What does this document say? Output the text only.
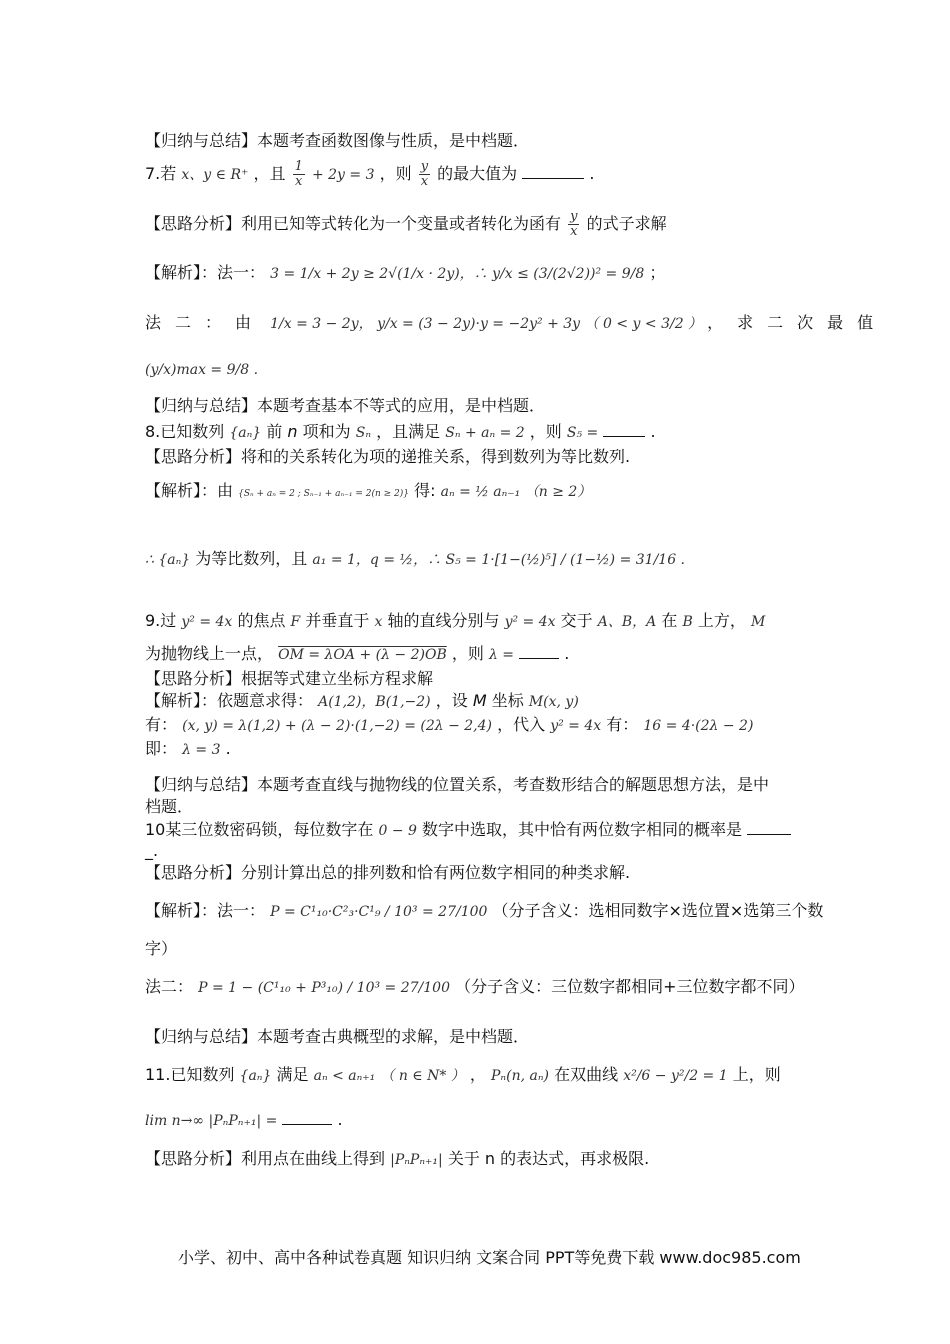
【归纳与总结】本题考查函数图像与性质，是中档题．
7.若 x、y ∈ R⁺ ，且 $\frac{1}{x} + 2y = 3$ ，则 $\frac{y}{x}$ 的最大值为	.
【思路分析】利用已知等式转化为一个变量或者转化为函有 $\frac{y}{x}$ 的式子求解
【解析】：法一： 3 = 1/x + 2y ≥ 2√(1/x · 2y)，∴ y/x ≤ (3/(2√2))² = 9/8 ；
法二：由 1/x = 3 − 2y， y/x = (3 − 2y)·y = −2y² + 3y （ 0 < y < 3/2 ） ，求二次最值
(y/x)max = 9/8 .
【归纳与总结】本题考查基本不等式的应用，是中档题．
8.已知数列 {aₙ} 前 n 项和为 Sₙ ，且满足 Sₙ + aₙ = 2 ，则 S₅ =	.
【思路分析】将和的关系转化为项的递推关系，得到数列为等比数列.
【解析】：由 {Sₙ + aₙ = 2 ; Sₙ₋₁ + aₙ₋₁ = 2(n ≥ 2)} 得: aₙ = ½ aₙ₋₁ （n ≥ 2）
∴ {aₙ} 为等比数列，且 a₁ = 1，q = ½，∴ S₅ = 1·[1−(½)⁵] / (1−½) = 31/16 .
9.过 y² = 4x 的焦点 F 并垂直于 x 轴的直线分别与 y² = 4x 交于 A、B，A 在 B 上方， M
为抛物线上一点， OM = λOA + (λ − 2)OB ，则 λ =	.
【思路分析】根据等式建立坐标方程求解
【解析】：依题意求得： A(1,2)，B(1,−2) ，设 M 坐标 M(x, y)
有： (x, y) = λ(1,2) + (λ − 2)·(1,−2) = (2λ − 2,4) ，代入 y² = 4x 有： 16 = 4·(2λ − 2)
即： λ = 3 .
【归纳与总结】本题考查直线与抛物线的位置关系，考查数形结合的解题思想方法，是中
档题．
10某三位数密码锁，每位数字在 0 − 9 数字中选取，其中恰有两位数字相同的概率是
_.
【思路分析】分别计算出总的排列数和恰有两位数字相同的种类求解.
【解析】：法一： P = C¹₁₀·C²₃·C¹₉ / 10³ = 27/100 （分子含义：选相同数字×选位置×选第三个数
字）
法二： P = 1 − (C¹₁₀ + P³₁₀) / 10³ = 27/100 （分子含义：三位数字都相同+三位数字都不同）
【归纳与总结】本题考查古典概型的求解，是中档题．
11.已知数列 {aₙ} 满足 aₙ < aₙ₊₁ （ n ∈ N* ） ， Pₙ(n, aₙ) 在双曲线 x²/6 − y²/2 = 1 上，则
lim n→∞ |PₙPₙ₊₁| =	.
【思路分析】利用点在曲线上得到 |PₙPₙ₊₁| 关于 n 的表达式，再求极限.
小学、初中、高中各种试卷真题 知识归纳 文案合同 PPT等免费下载 www.doc985.com
